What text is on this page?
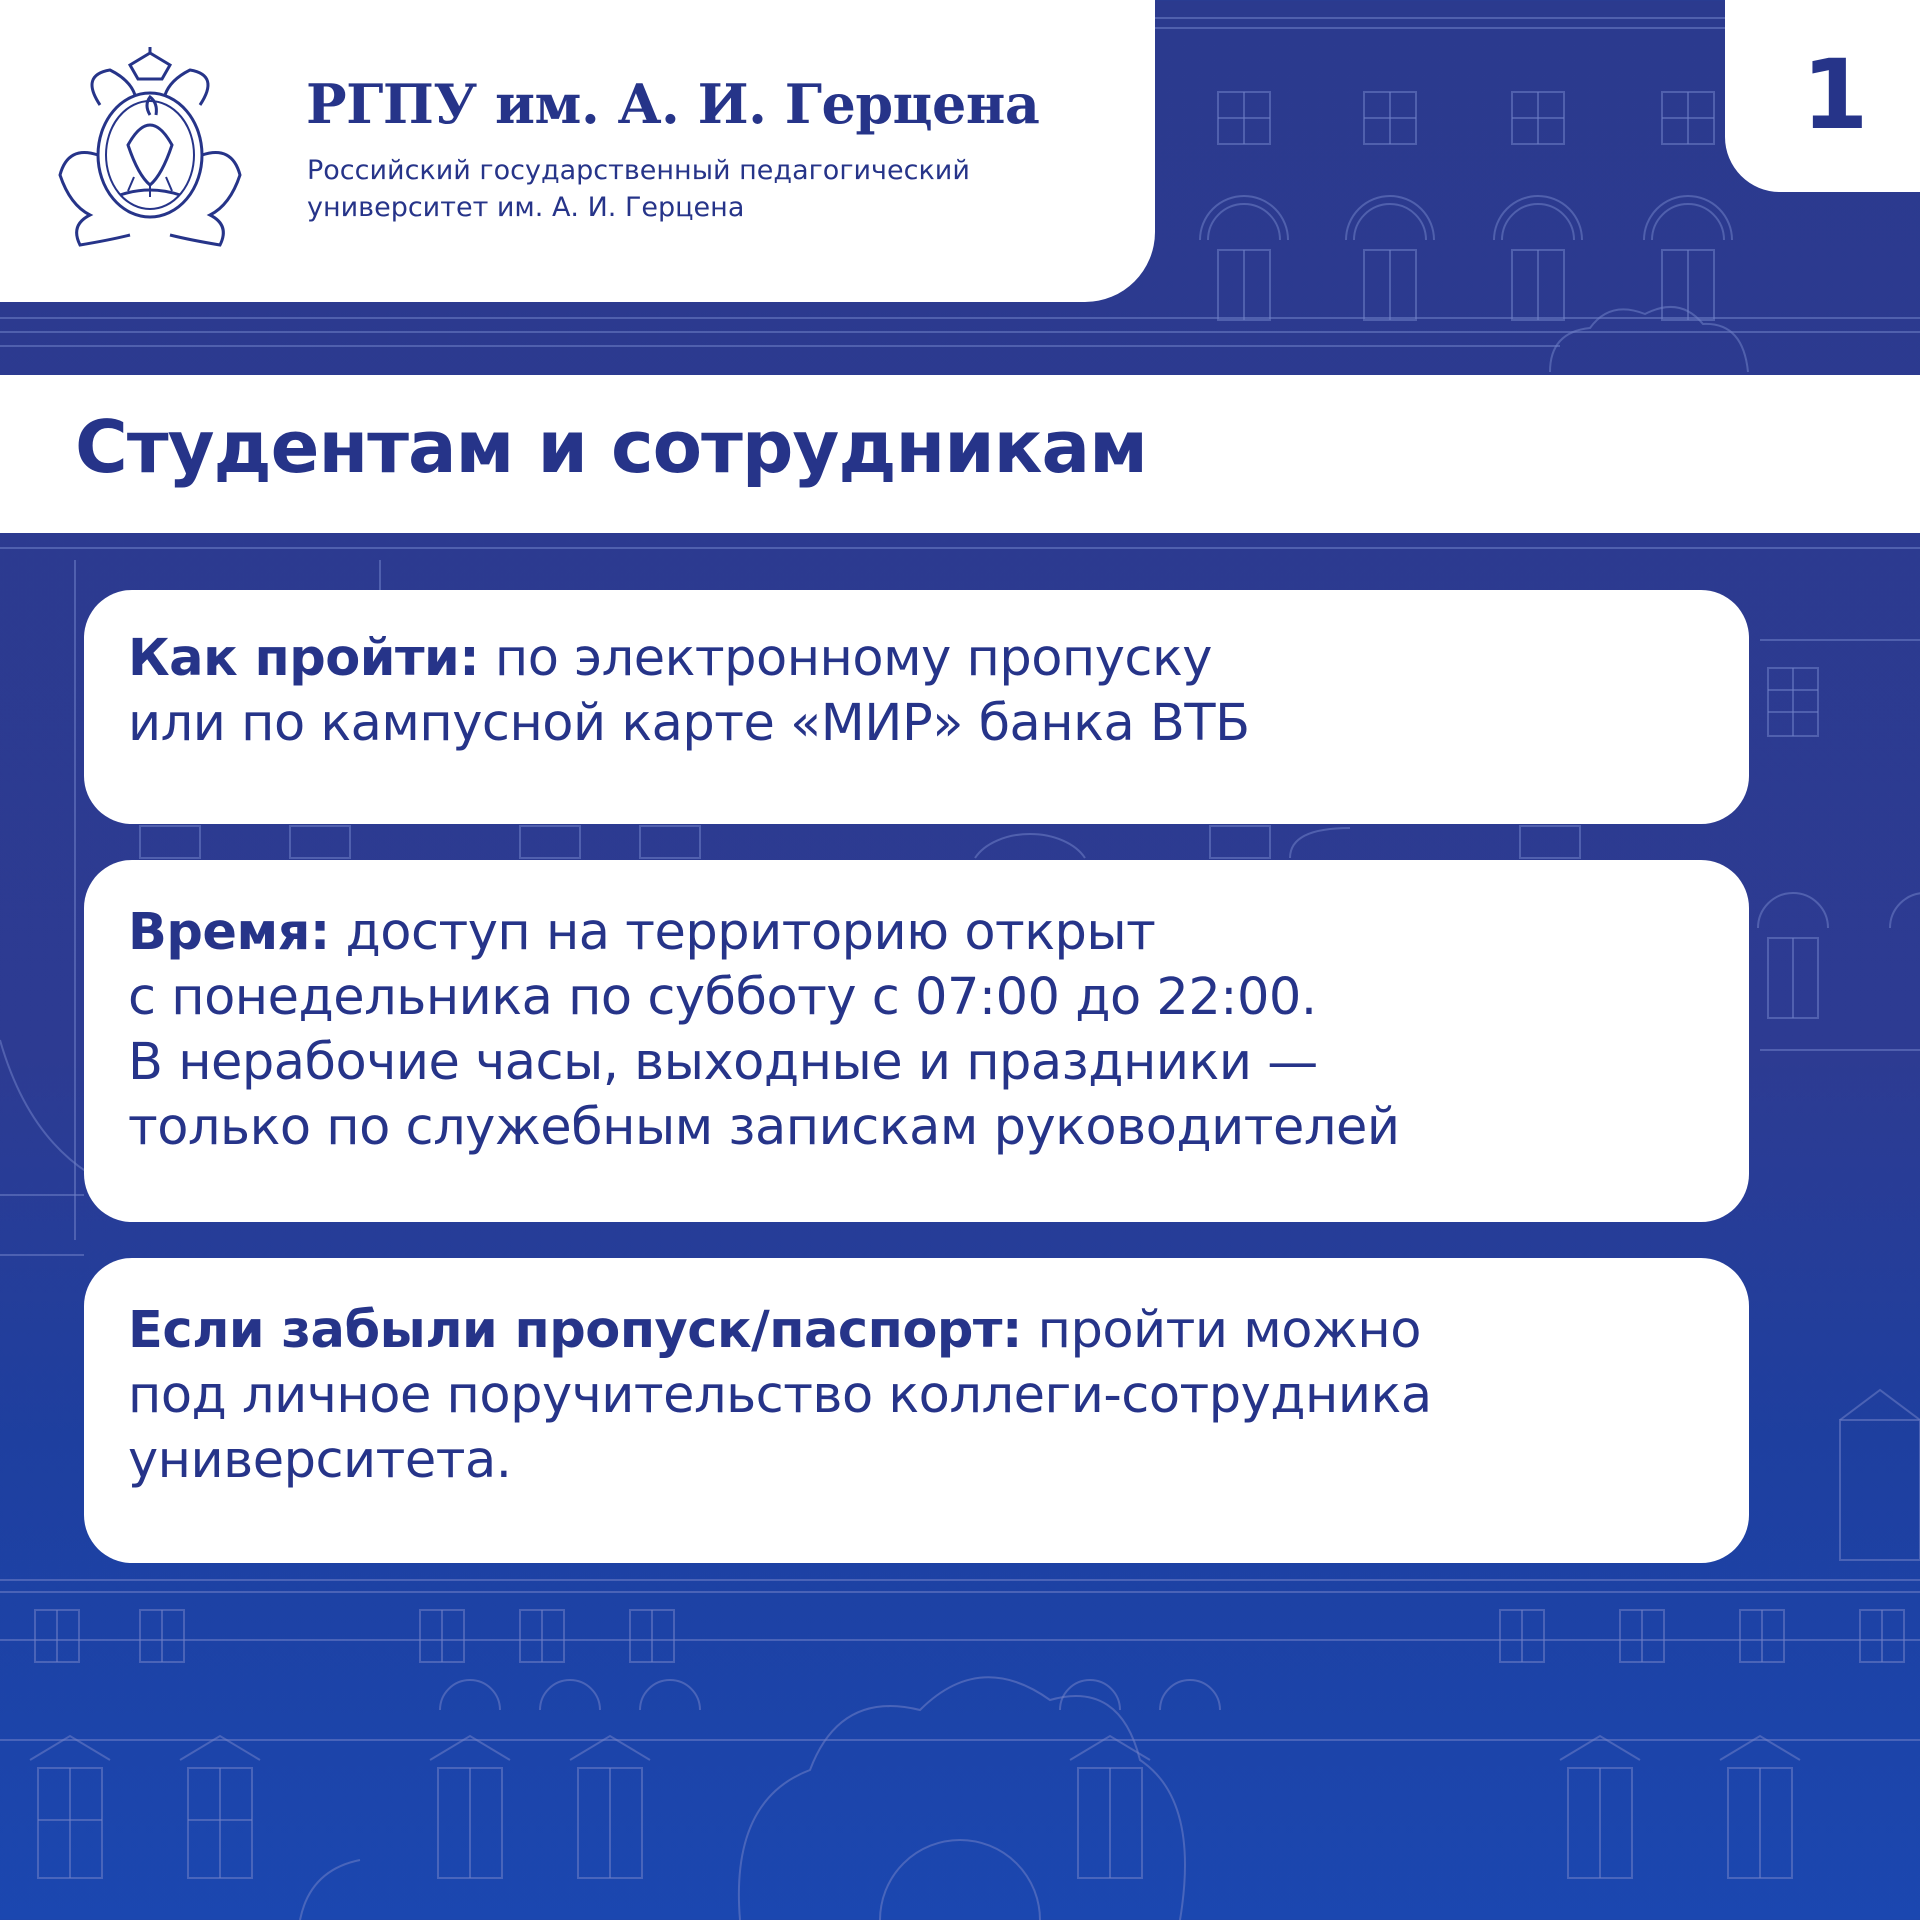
РГПУ им. А. И. Герцена

Российский государственный педагогический
университет им. А. И. Герцена

1
Студентам и сотрудникам

Как пройти: по электронному пропуску
или по кампусной карте «МИР» банка ВТБ

Время: доступ на территорию открыт
с понедельника по субботу с 07:00 до 22:00.
В нерабочие часы, выходные и праздники —
только по служебным запискам руководителей

Если забыли пропуск/паспорт: пройти можно
под личное поручительство коллеги-сотрудника
университета.
